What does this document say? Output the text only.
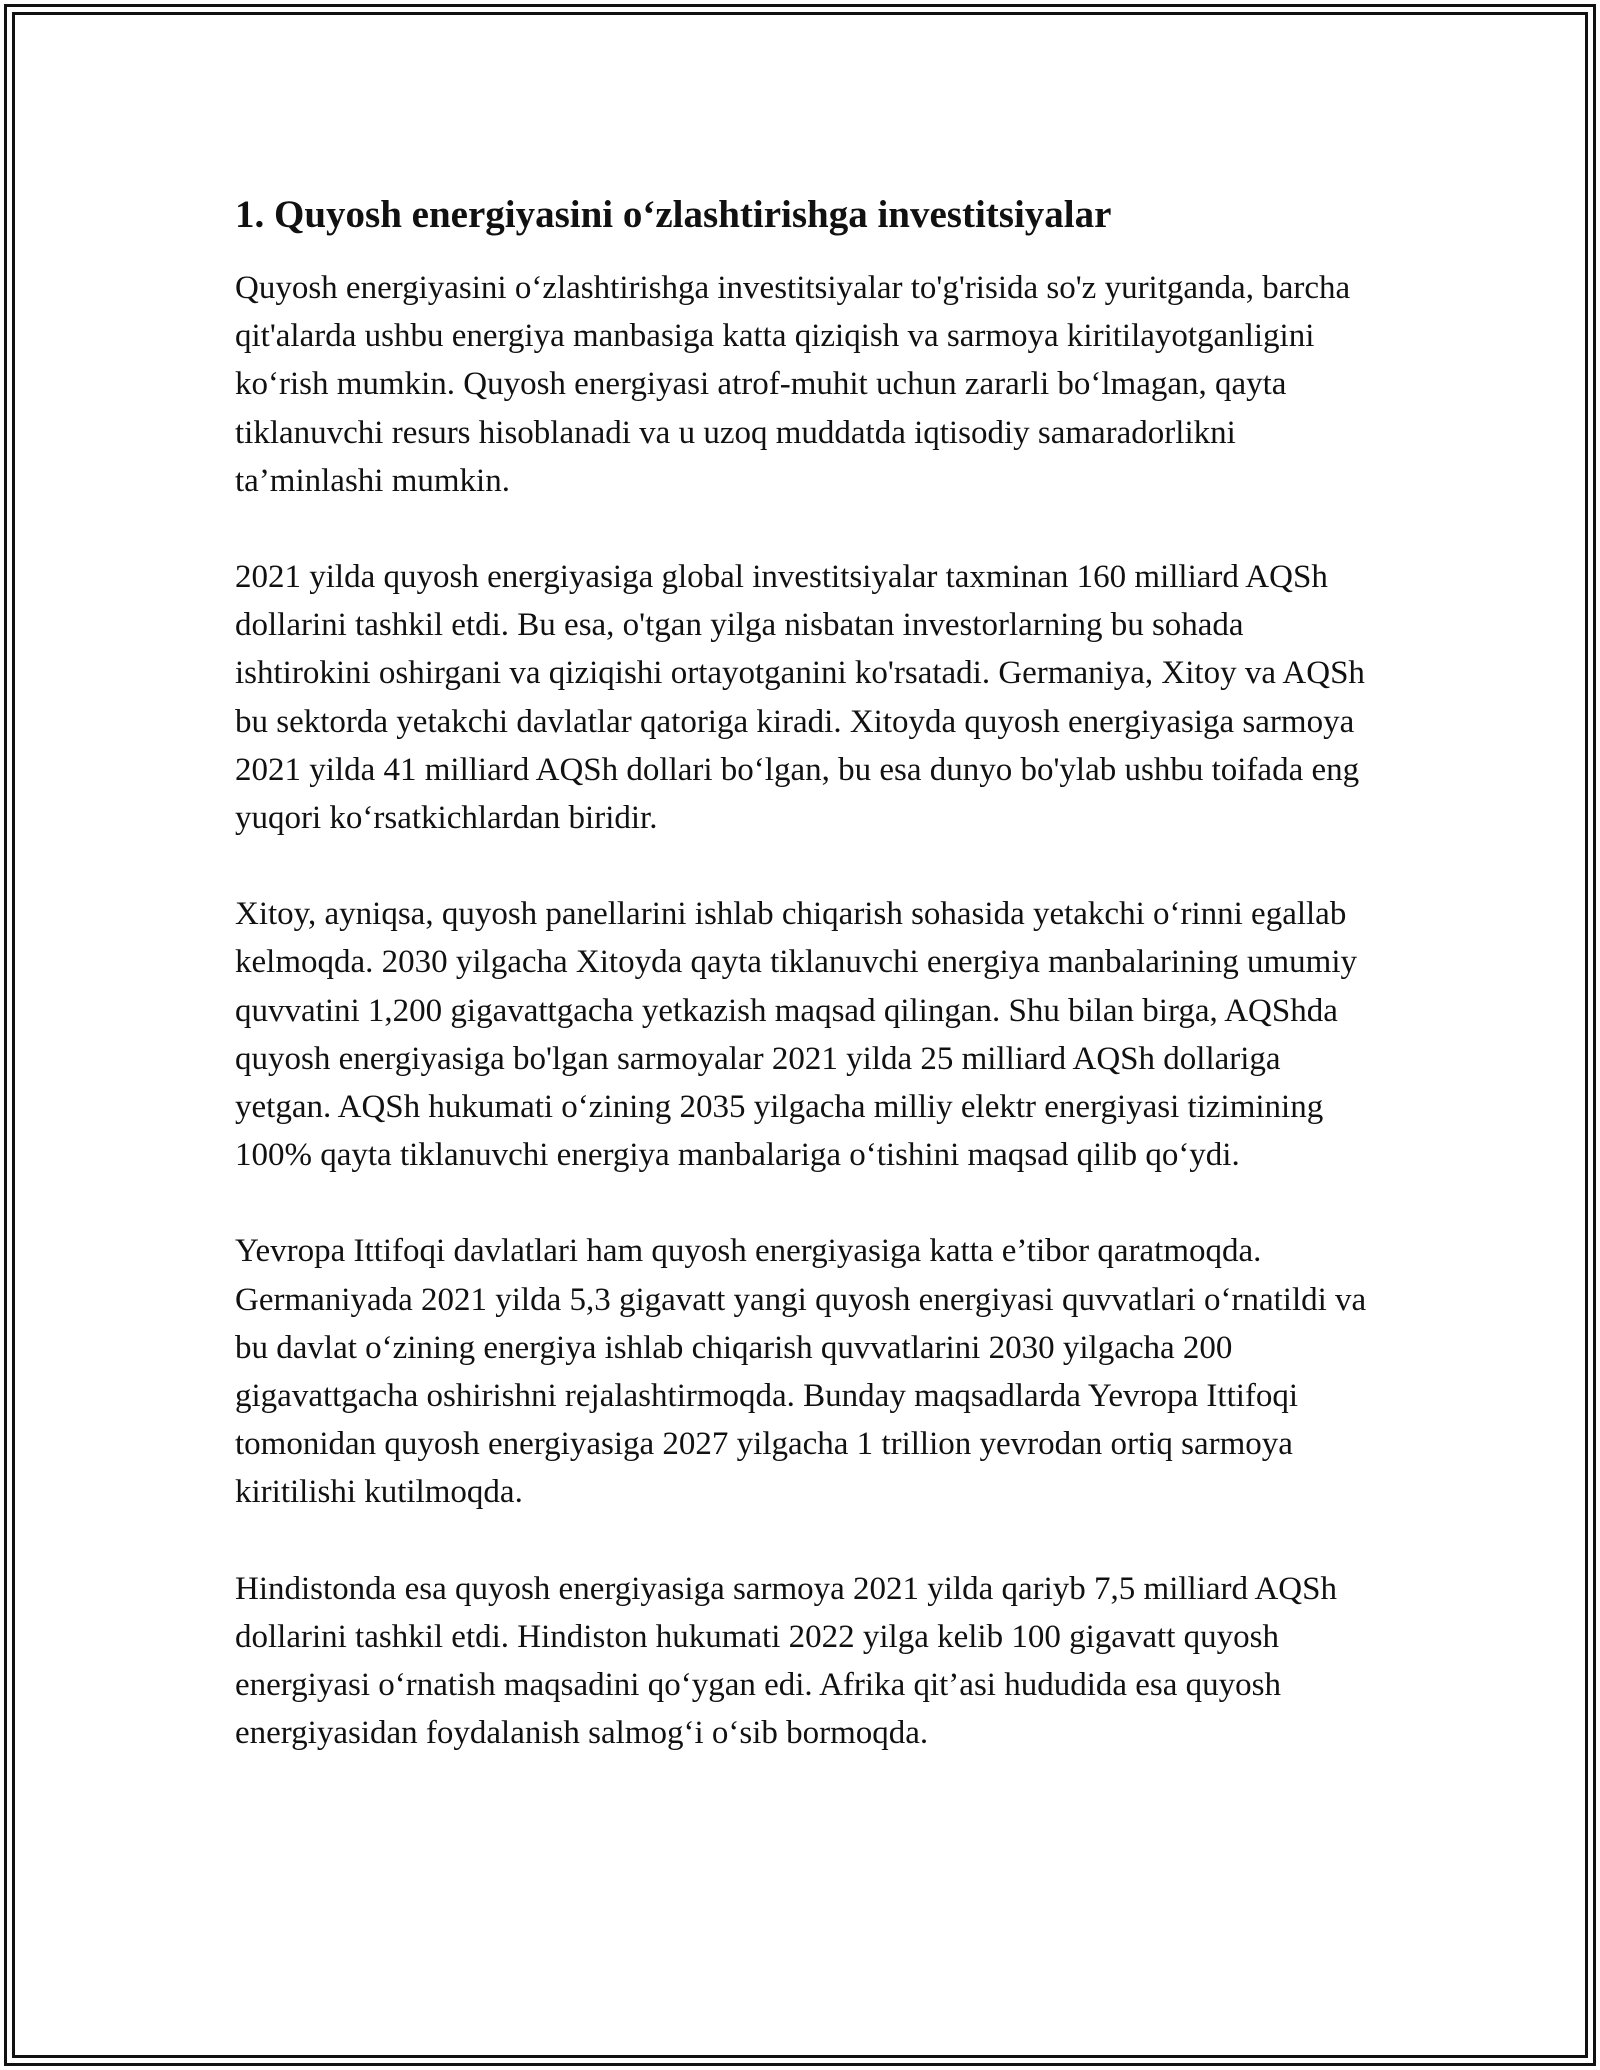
1. Quyosh energiyasini o‘zlashtirishga investitsiyalar

Quyosh energiyasini o‘zlashtirishga investitsiyalar to'g'risida so'z yuritganda, barcha qit'alarda ushbu energiya manbasiga katta qiziqish va sarmoya kiritilayotganligini ko‘rish mumkin. Quyosh energiyasi atrof-muhit uchun zararli bo‘lmagan, qayta tiklanuvchi resurs hisoblanadi va u uzoq muddatda iqtisodiy samaradorlikni ta’minlashi mumkin.

2021 yilda quyosh energiyasiga global investitsiyalar taxminan 160 milliard AQSh dollarini tashkil etdi. Bu esa, o'tgan yilga nisbatan investorlarning bu sohada ishtirokini oshirgani va qiziqishi ortayotganini ko'rsatadi. Germaniya, Xitoy va AQSh bu sektorda yetakchi davlatlar qatoriga kiradi. Xitoyda quyosh energiyasiga sarmoya 2021 yilda 41 milliard AQSh dollari bo‘lgan, bu esa dunyo bo'ylab ushbu toifada eng yuqori ko‘rsatkichlardan biridir.

Xitoy, ayniqsa, quyosh panellarini ishlab chiqarish sohasida yetakchi o‘rinni egallab kelmoqda. 2030 yilgacha Xitoyda qayta tiklanuvchi energiya manbalarining umumiy quvvatini 1,200 gigavattgacha yetkazish maqsad qilingan. Shu bilan birga, AQShda quyosh energiyasiga bo'lgan sarmoyalar 2021 yilda 25 milliard AQSh dollariga yetgan. AQSh hukumati o‘zining 2035 yilgacha milliy elektr energiyasi tizimining 100% qayta tiklanuvchi energiya manbalariga o‘tishini maqsad qilib qo‘ydi.

Yevropa Ittifoqi davlatlari ham quyosh energiyasiga katta e’tibor qaratmoqda. Germaniyada 2021 yilda 5,3 gigavatt yangi quyosh energiyasi quvvatlari o‘rnatildi va bu davlat o‘zining energiya ishlab chiqarish quvvatlarini 2030 yilgacha 200 gigavattgacha oshirishni rejalashtirmoqda. Bunday maqsadlarda Yevropa Ittifoqi tomonidan quyosh energiyasiga 2027 yilgacha 1 trillion yevrodan ortiq sarmoya kiritilishi kutilmoqda.

Hindistonda esa quyosh energiyasiga sarmoya 2021 yilda qariyb 7,5 milliard AQSh dollarini tashkil etdi. Hindiston hukumati 2022 yilga kelib 100 gigavatt quyosh energiyasi o‘rnatish maqsadini qo‘ygan edi. Afrika qit’asi hududida esa quyosh energiyasidan foydalanish salmog‘i o‘sib bormoqda.
